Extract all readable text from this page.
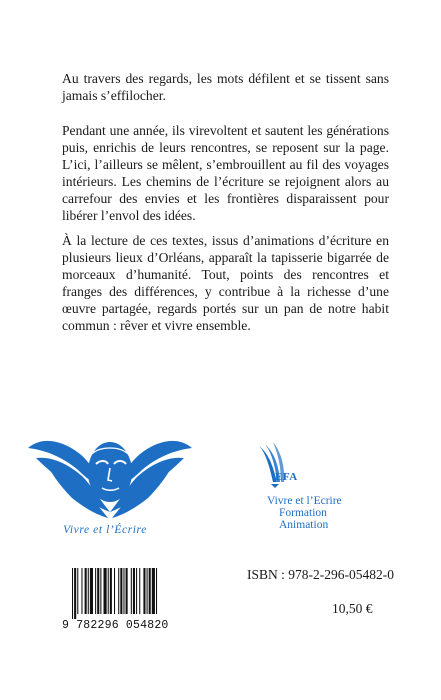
Au travers des regards, les mots défilent et se tissent sans jamais s’effilocher.

Pendant une année, ils virevoltent et sautent les générations puis, enrichis de leurs rencontres, se reposent sur la page. L’ici, l’ailleurs se mêlent, s’embrouillent au fil des voyages intérieurs. Les chemins de l’écriture se rejoignent alors au carrefour des envies et les frontières disparaissent pour libérer l’envol des idées.

À la lecture de ces textes, issus d’animations d’écriture en plusieurs lieux d’Orléans, apparaît la tapisserie bigarrée de morceaux d’humanité. Tout, points des rencontres et franges des différences, y contribue à la richesse d’une œuvre partagée, regards portés sur un pan de notre habit commun : rêver et vivre ensemble.

Vivre et l’Écrire
EFA
Vivre et l’Ecrire
Formation
Animation
9 782296 054820
ISBN : 978-2-296-05482-0
10,50 €
